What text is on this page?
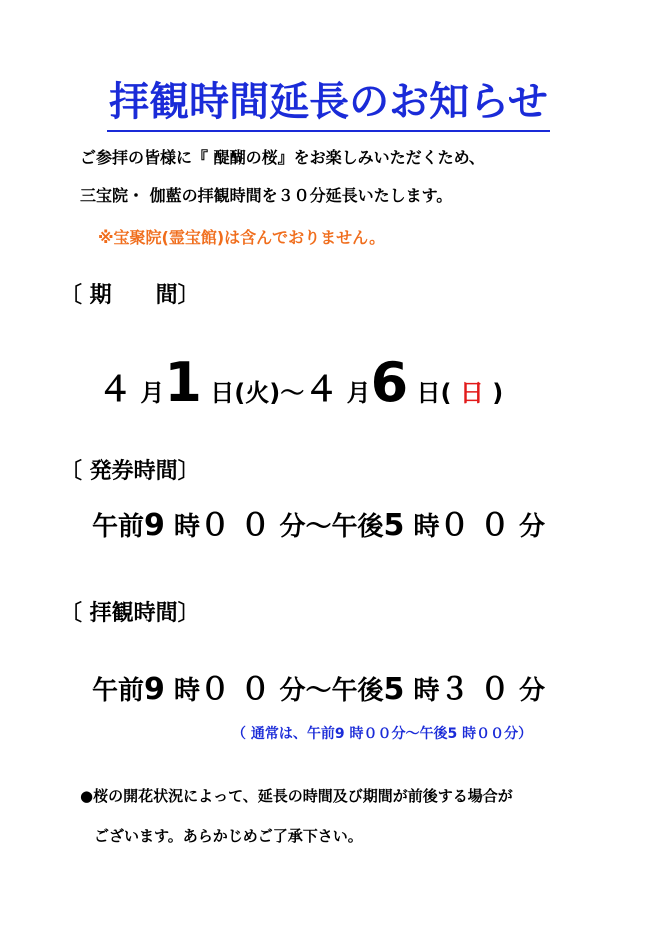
拝観時間延長のお知らせ
ご参拝の皆様に『 醍醐の桜』をお楽しみいただくため、
三宝院・ 伽藍の拝観時間を３０分延長いたします。
※宝聚院(霊宝館)は含んでおりません。
〔 期　　間〕
４ 月1 日(火)～４ 月6 日( 日 )
〔 発券時間〕
午前9 時０ ０ 分～午後5 時０ ０ 分
〔 拝観時間〕
午前9 時０ ０ 分～午後5 時３ ０ 分
（ 通常は、午前9 時００分～午後5 時００分）
●桜の開花状況によって、延長の時間及び期間が前後する場合が
ございます。あらかじめご了承下さい。
